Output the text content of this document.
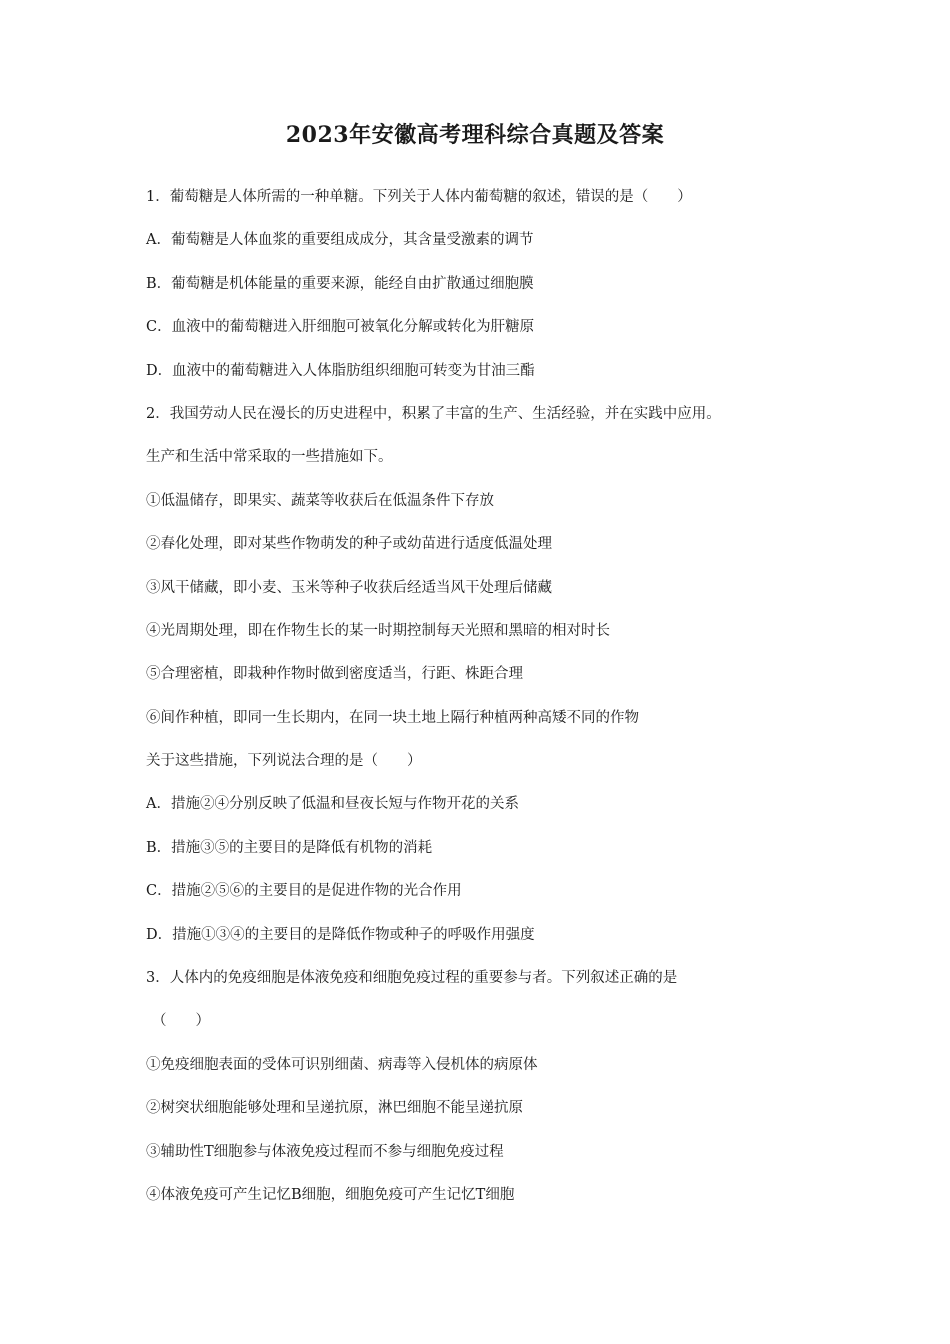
2023年安徽高考理科综合真题及答案
1．葡萄糖是人体所需的一种单糖。下列关于人体内葡萄糖的叙述，错误的是（　　）
A．葡萄糖是人体血浆的重要组成成分，其含量受激素的调节
B．葡萄糖是机体能量的重要来源，能经自由扩散通过细胞膜
C．血液中的葡萄糖进入肝细胞可被氧化分解或转化为肝糖原
D．血液中的葡萄糖进入人体脂肪组织细胞可转变为甘油三酯
2．我国劳动人民在漫长的历史进程中，积累了丰富的生产、生活经验，并在实践中应用。
生产和生活中常采取的一些措施如下。
①低温储存，即果实、蔬菜等收获后在低温条件下存放
②春化处理，即对某些作物萌发的种子或幼苗进行适度低温处理
③风干储藏，即小麦、玉米等种子收获后经适当风干处理后储藏
④光周期处理，即在作物生长的某一时期控制每天光照和黑暗的相对时长
⑤合理密植，即栽种作物时做到密度适当，行距、株距合理
⑥间作种植，即同一生长期内，在同一块土地上隔行种植两种高矮不同的作物
关于这些措施，下列说法合理的是（　　）
A．措施②④分别反映了低温和昼夜长短与作物开花的关系
B．措施③⑤的主要目的是降低有机物的消耗
C．措施②⑤⑥的主要目的是促进作物的光合作用
D．措施①③④的主要目的是降低作物或种子的呼吸作用强度
3．人体内的免疫细胞是体液免疫和细胞免疫过程的重要参与者。下列叙述正确的是
（　　）
①免疫细胞表面的受体可识别细菌、病毒等入侵机体的病原体
②树突状细胞能够处理和呈递抗原，淋巴细胞不能呈递抗原
③辅助性T细胞参与体液免疫过程而不参与细胞免疫过程
④体液免疫可产生记忆B细胞，细胞免疫可产生记忆T细胞
